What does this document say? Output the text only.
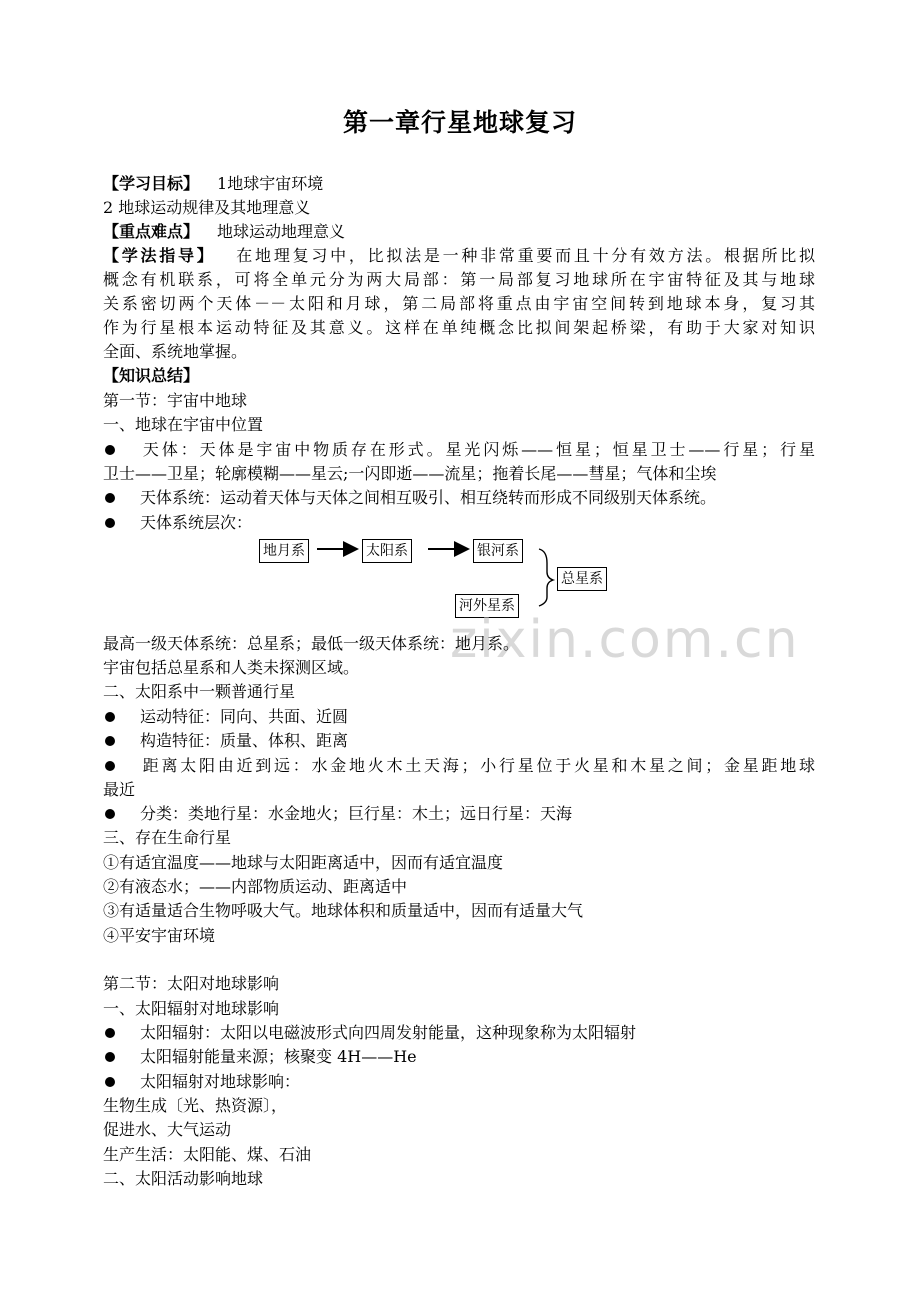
第一章行星地球复习
【学习目标】 1地球宇宙环境
2 地球运动规律及其地理意义
【重点难点】 地球运动地理意义
【学法指导】 在地理复习中，比拟法是一种非常重要而且十分有效方法。根据所比拟
概念有机联系，可将全单元分为两大局部：第一局部复习地球所在宇宙特征及其与地球
关系密切两个天体－－太阳和月球，第二局部将重点由宇宙空间转到地球本身，复习其
作为行星根本运动特征及其意义。这样在单纯概念比拟间架起桥梁，有助于大家对知识
全面、系统地掌握。
【知识总结】
第一节：宇宙中地球
一、地球在宇宙中位置
天体：天体是宇宙中物质存在形式。星光闪烁——恒星；恒星卫士——行星；行星
卫士——卫星；轮廓模糊——星云;一闪即逝——流星；拖着长尾——彗星；气体和尘埃
天体系统：运动着天体与天体之间相互吸引、相互绕转而形成不同级别天体系统。
天体系统层次：
地月系	太阳系	银河系
河外星系
总星系
zixin.com.cn
最高一级天体系统：总星系；最低一级天体系统：地月系。
宇宙包括总星系和人类未探测区域。
二、太阳系中一颗普通行星
运动特征：同向、共面、近圆
构造特征：质量、体积、距离
距离太阳由近到远：水金地火木土天海；小行星位于火星和木星之间；金星距地球
最近
分类：类地行星：水金地火；巨行星：木土；远日行星：天海
三、存在生命行星
①有适宜温度——地球与太阳距离适中，因而有适宜温度
②有液态水；——内部物质运动、距离适中
③有适量适合生物呼吸大气。地球体积和质量适中，因而有适量大气
④平安宇宙环境
第二节：太阳对地球影响
一、太阳辐射对地球影响
太阳辐射：太阳以电磁波形式向四周发射能量，这种现象称为太阳辐射
太阳辐射能量来源；核聚变 4H——He
太阳辐射对地球影响：
生物生成〔光、热资源〕，
促进水、大气运动
生产生活：太阳能、煤、石油
二、太阳活动影响地球
